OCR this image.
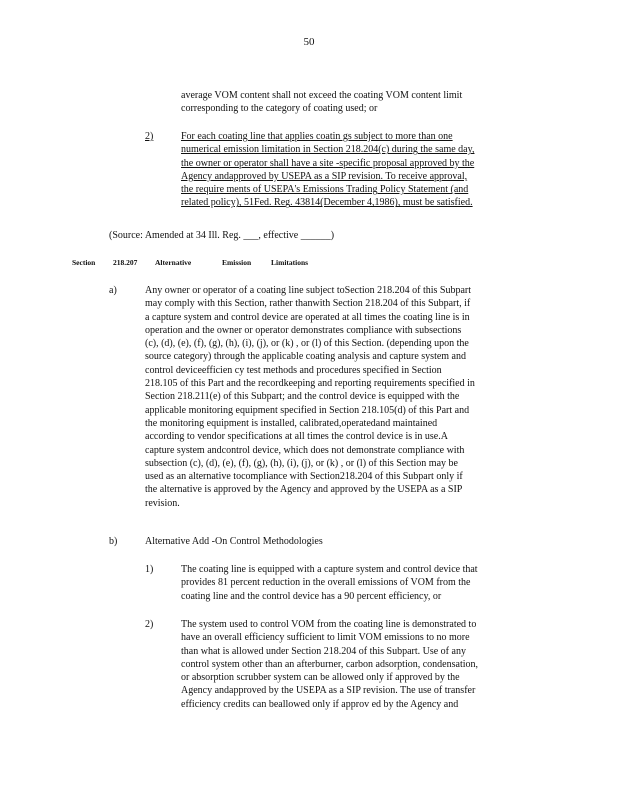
50
average VOM content shall not exceed the coating VOM content limit
corresponding to the category of coating used; or
2)	For each coating line that applies coatin gs subject to more than one
numerical emission limitation in Section 218.204(c) during the same day,
the owner or operator shall have a site -specific proposal approved by the
Agency andapproved by USEPA as a SIP revision. To receive approval,
the require ments of USEPA's Emissions Trading Policy Statement (and
related policy), 51Fed. Reg. 43814(December 4,1986), must be satisfied.
(Source: Amended at 34 Ill. Reg. ___, effective ______)
Section 218.207 Alternative	Emission	Limitations
a)	Any owner or operator of a coating line subject toSection 218.204 of this Subpart
may comply with this Section, rather thanwith Section 218.204 of this Subpart, if
a capture system and control device are operated at all times the coating line is in
operation and the owner or operator demonstrates compliance with subsections
(c), (d), (e), (f), (g), (h), (i), (j), or (k) , or (l) of this Section. (depending upon the
source category) through the applicable coating analysis and capture system and
control deviceefficien cy test methods and procedures specified in Section
218.105 of this Part and the recordkeeping and reporting requirements specified in
Section 218.211(e) of this Subpart; and the control device is equipped with the
applicable monitoring equipment specified in Section 218.105(d) of this Part and
the monitoring equipment is installed, calibrated,operatedand maintained
according to vendor specifications at all times the control device is in use.A
capture system andcontrol device, which does not demonstrate compliance with
subsection (c), (d), (e), (f), (g), (h), (i), (j), or (k) , or (l) of this Section may be
used as an alternative tocompliance with Section218.204 of this Subpart only if
the alternative is approved by the Agency and approved by the USEPA as a SIP
revision.
b)	Alternative Add -On Control Methodologies
1)	The coating line is equipped with a capture system and control device that
provides 81 percent reduction in the overall emissions of VOM from the
coating line and the control device has a 90 percent efficiency, or
2)	The system used to control VOM from the coating line is demonstrated to
have an overall efficiency sufficient to limit VOM emissions to no more
than what is allowed under Section 218.204 of this Subpart. Use of any
control system other than an afterburner, carbon adsorption, condensation,
or absorption scrubber system can be allowed only if approved by the
Agency andapproved by the USEPA as a SIP revision. The use of transfer
efficiency credits can beallowed only if approv ed by the Agency and
